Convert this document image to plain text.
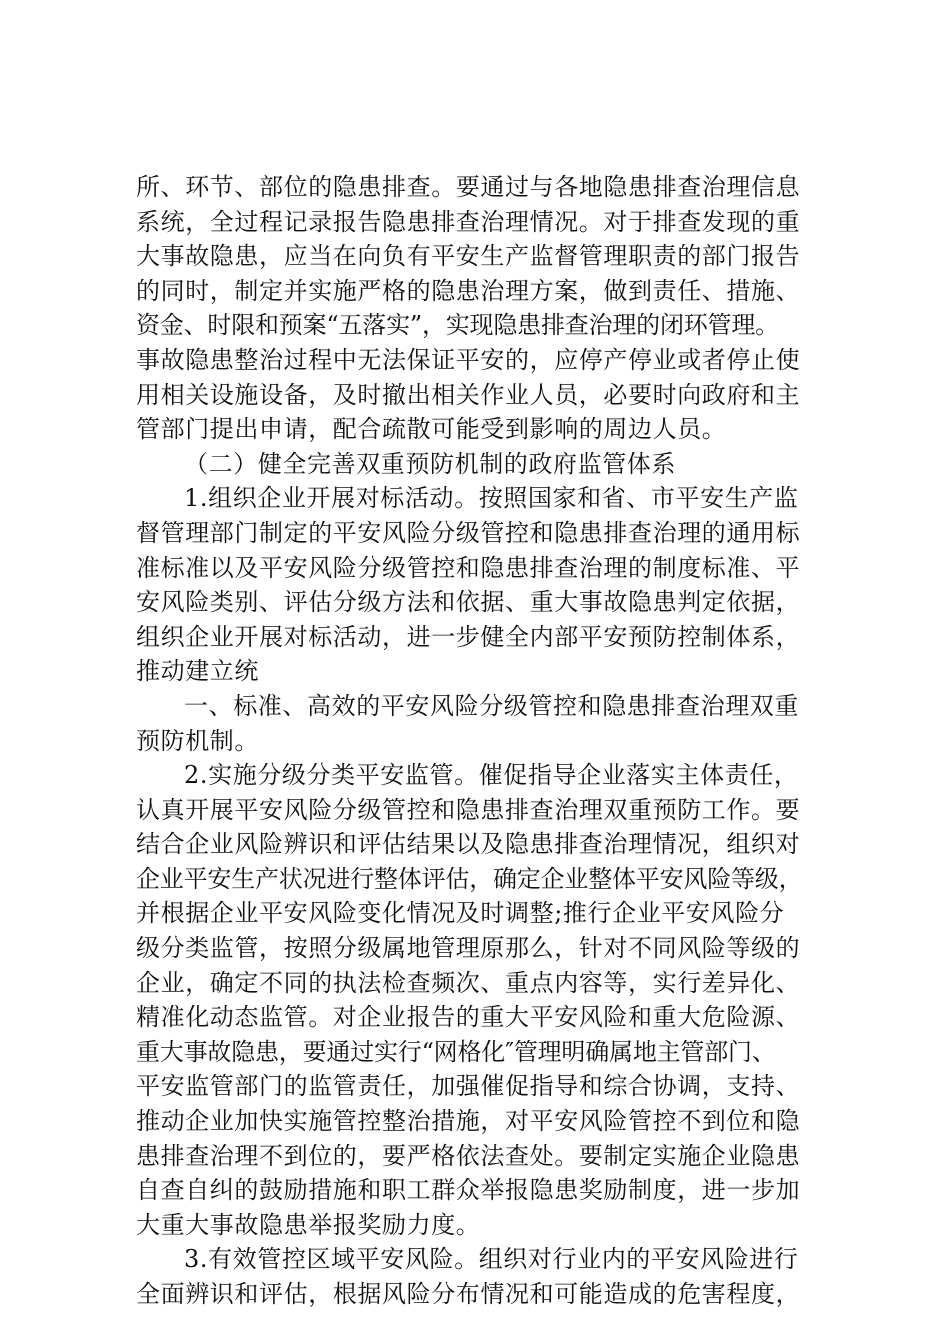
所、环节、部位的隐患排查。要通过与各地隐患排查治理信息
系统，全过程记录报告隐患排查治理情况。对于排查发现的重
大事故隐患，应当在向负有平安生产监督管理职责的部门报告
的同时，制定并实施严格的隐患治理方案，做到责任、措施、
资金、时限和预案“五落实”，实现隐患排查治理的闭环管理。
事故隐患整治过程中无法保证平安的，应停产停业或者停止使
用相关设施设备，及时撤出相关作业人员，必要时向政府和主
管部门提出申请，配合疏散可能受到影响的周边人员。
（二）健全完善双重预防机制的政府监管体系
1.组织企业开展对标活动。按照国家和省、市平安生产监
督管理部门制定的平安风险分级管控和隐患排查治理的通用标
准标准以及平安风险分级管控和隐患排查治理的制度标准、平
安风险类别、评估分级方法和依据、重大事故隐患判定依据，
组织企业开展对标活动，进一步健全内部平安预防控制体系，
推动建立统
一、标准、高效的平安风险分级管控和隐患排查治理双重
预防机制。
2.实施分级分类平安监管。催促指导企业落实主体责任，
认真开展平安风险分级管控和隐患排查治理双重预防工作。要
结合企业风险辨识和评估结果以及隐患排查治理情况，组织对
企业平安生产状况进行整体评估，确定企业整体平安风险等级，
并根据企业平安风险变化情况及时调整;推行企业平安风险分
级分类监管，按照分级属地管理原那么，针对不同风险等级的
企业，确定不同的执法检查频次、重点内容等，实行差异化、
精准化动态监管。对企业报告的重大平安风险和重大危险源、
重大事故隐患，要通过实行“网格化″管理明确属地主管部门、
平安监管部门的监管责任，加强催促指导和综合协调，支持、
推动企业加快实施管控整治措施，对平安风险管控不到位和隐
患排查治理不到位的，要严格依法查处。要制定实施企业隐患
自查自纠的鼓励措施和职工群众举报隐患奖励制度，进一步加
大重大事故隐患举报奖励力度。
3.有效管控区域平安风险。组织对行业内的平安风险进行
全面辨识和评估，根据风险分布情况和可能造成的危害程度，
